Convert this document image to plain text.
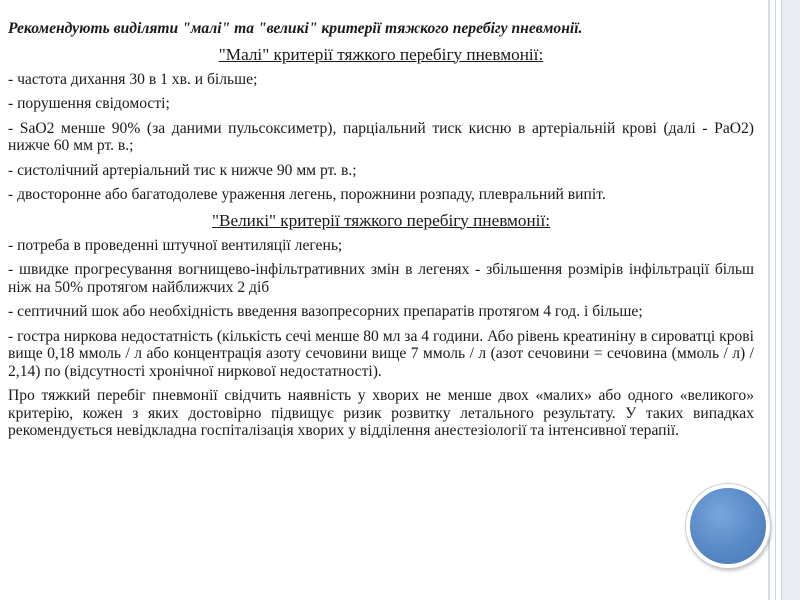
Рекомендують виділяти "малі" та "великі" критерії тяжкого перебігу пневмонії.

"Малі" критерії тяжкого перебігу пневмонії:

- частота дихання 30 в 1 хв. и більше;

- порушення свідомості;

- SaO2 менше 90% (за даними пульсоксиметр), парціальний тиск кисню в артеріальній крові (далі - PaO2) нижче 60 мм рт. в.;

- систолічний артеріальний тис к нижче 90 мм рт. в.;

- двосторонне або багатодолеве ураження легень, порожнини розпаду, плевральний випіт.

"Великі" критерії тяжкого перебігу пневмонії:

- потреба в проведенні штучної вентиляції легень;

- швидке прогресування вогнищево-інфільтративних змін в легенях - збільшення розмірів інфільтрації більш ніж на 50% протягом найближчих 2 діб

- септичний шок або необхідність введення вазопресорних препаратів протягом 4 год. і більше;

- гостра ниркова недостатність (кількість сечі менше 80 мл за 4 години. Або рівень креатиніну в сироватці крові вище 0,18 ммоль / л або концентрація азоту сечовини вище 7 ммоль / л (азот сечовини = сечовина (ммоль / л) / 2,14) по (відсутності хронічної ниркової недостатності).

Про тяжкий перебіг пневмонії свідчить наявність у хворих не менше двох «малих» або одного «великого» критерію, кожен з яких достовірно підвищує ризик розвитку летального результату. У таких випадках рекомендується невідкладна госпіталізація хворих у відділення анестезіології та інтенсивної терапії.
